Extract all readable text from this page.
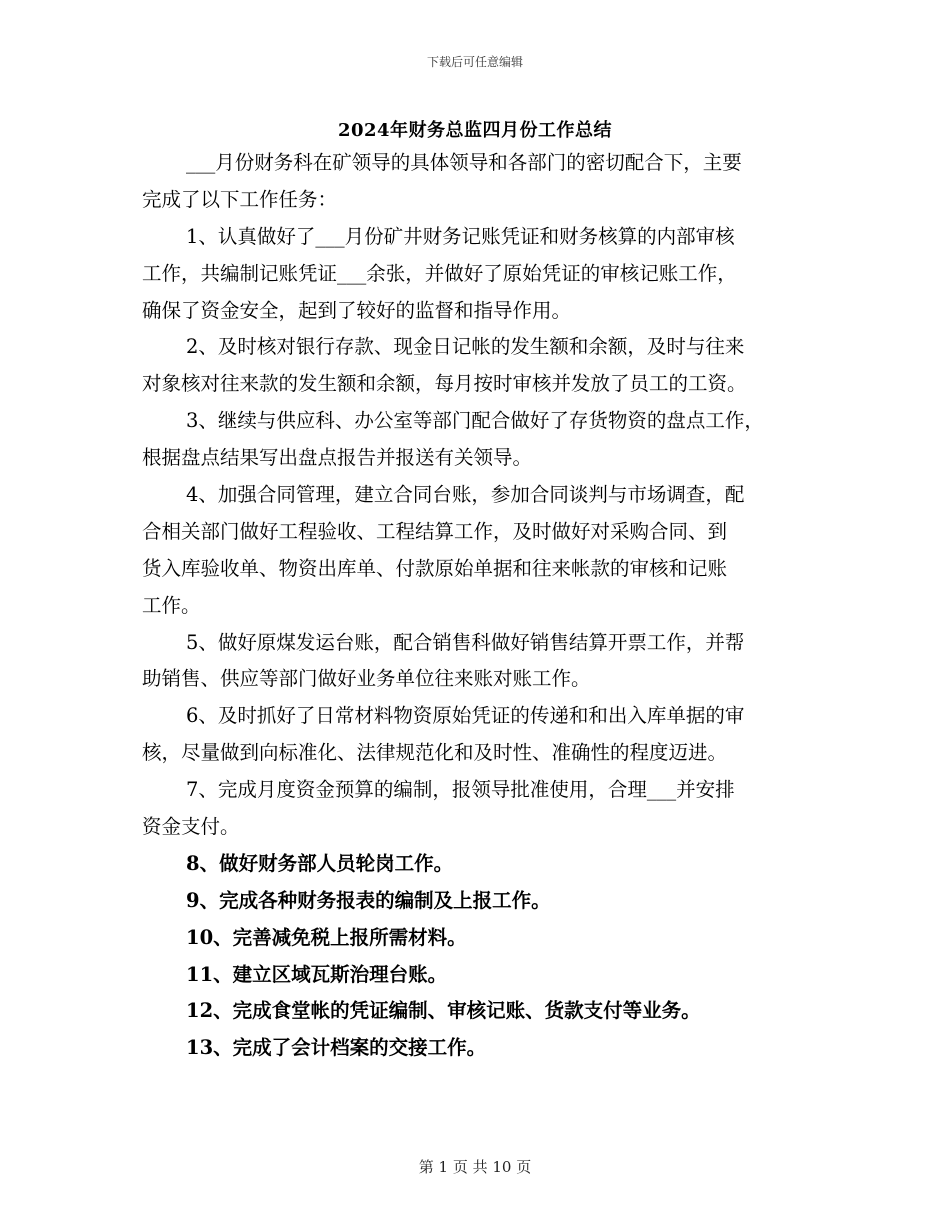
下载后可任意编辑
2024年财务总监四月份工作总结
___月份财务科在矿领导的具体领导和各部门的密切配合下，主要
完成了以下工作任务：
1、认真做好了___月份矿井财务记账凭证和财务核算的内部审核
工作，共编制记账凭证___余张，并做好了原始凭证的审核记账工作，
确保了资金安全，起到了较好的监督和指导作用。
2、及时核对银行存款、现金日记帐的发生额和余额，及时与往来
对象核对往来款的发生额和余额，每月按时审核并发放了员工的工资。
3、继续与供应科、办公室等部门配合做好了存货物资的盘点工作，
根据盘点结果写出盘点报告并报送有关领导。
4、加强合同管理，建立合同台账，参加合同谈判与市场调查，配
合相关部门做好工程验收、工程结算工作，及时做好对采购合同、到
货入库验收单、物资出库单、付款原始单据和往来帐款的审核和记账
工作。
5、做好原煤发运台账，配合销售科做好销售结算开票工作，并帮
助销售、供应等部门做好业务单位往来账对账工作。
6、及时抓好了日常材料物资原始凭证的传递和和出入库单据的审
核，尽量做到向标准化、法律规范化和及时性、准确性的程度迈进。
7、完成月度资金预算的编制，报领导批准使用，合理___并安排
资金支付。
8、做好财务部人员轮岗工作。
9、完成各种财务报表的编制及上报工作。
10、完善减免税上报所需材料。
11、建立区域瓦斯治理台账。
12、完成食堂帐的凭证编制、审核记账、货款支付等业务。
13、完成了会计档案的交接工作。
第 1 页 共 10 页
